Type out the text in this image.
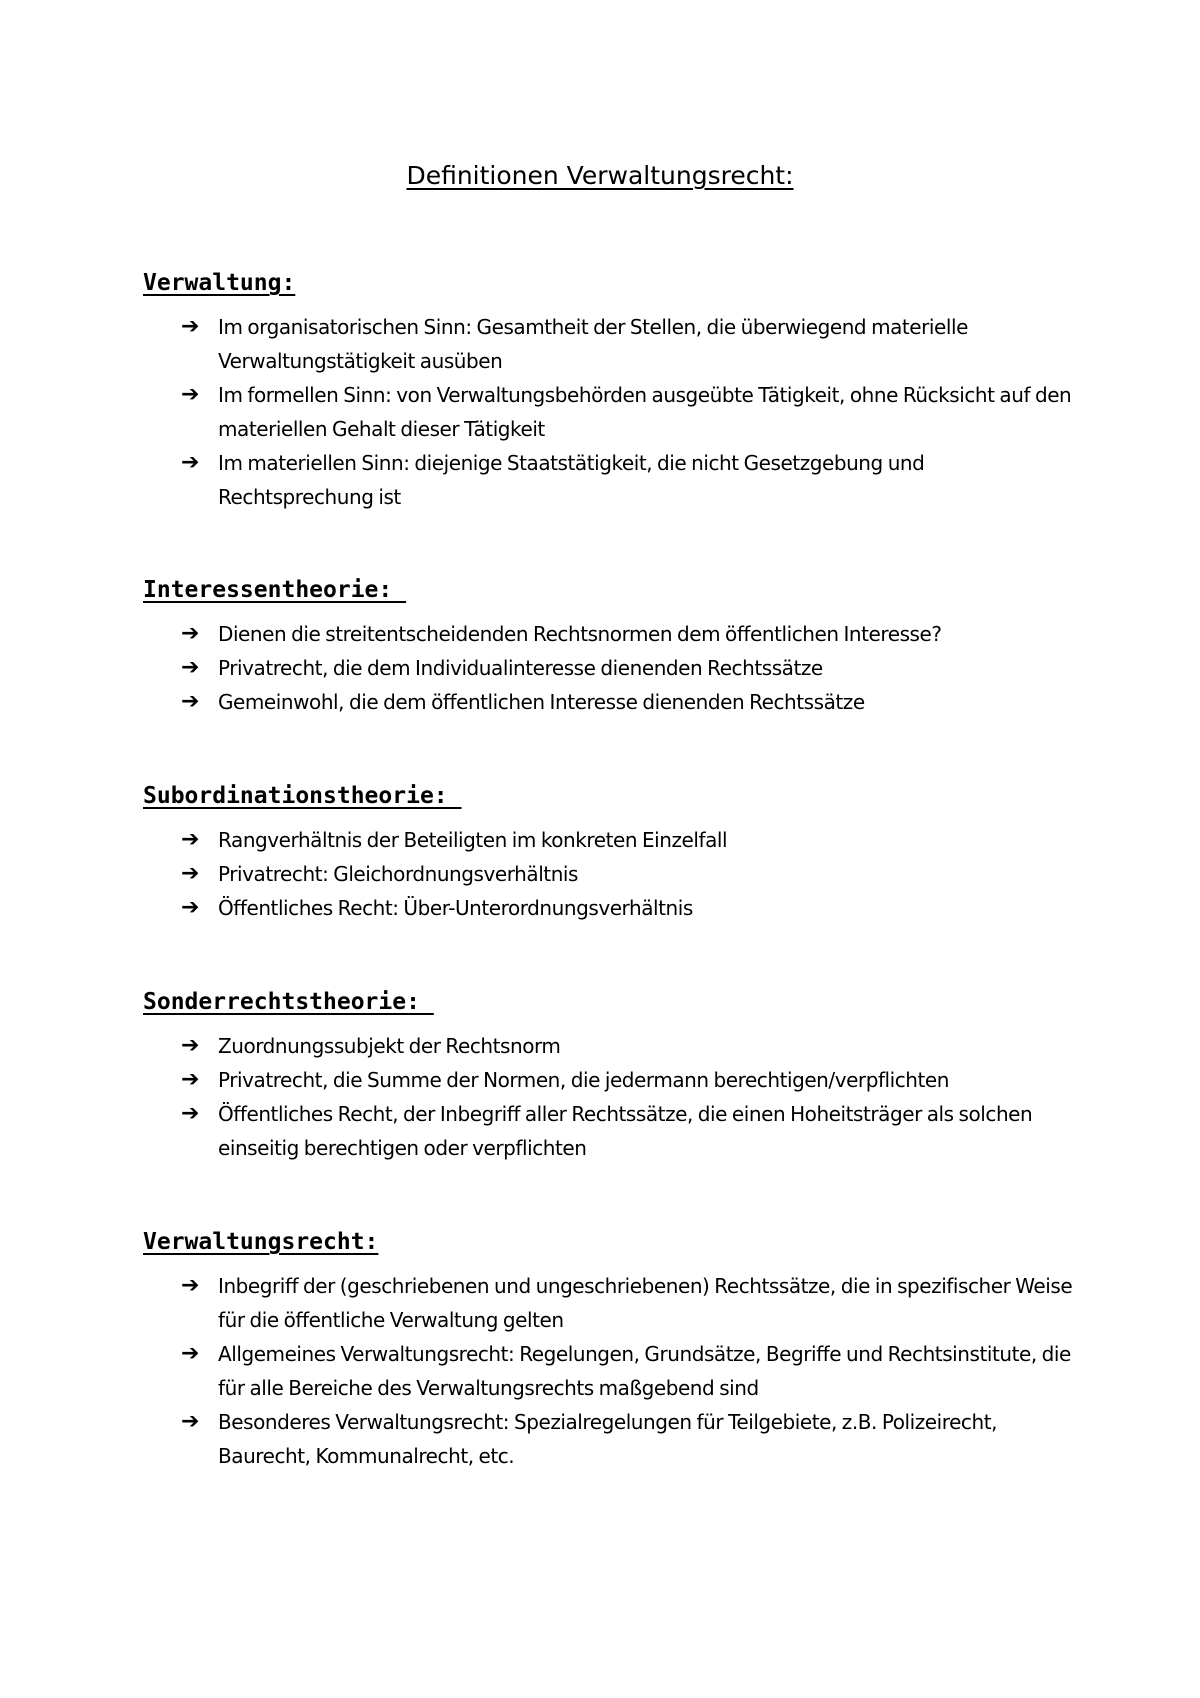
Definitionen Verwaltungsrecht:
Verwaltung:
➔ Im organisatorischen Sinn: Gesamtheit der Stellen, die überwiegend materielle Verwaltungstätigkeit ausüben
➔ Im formellen Sinn: von Verwaltungsbehörden ausgeübte Tätigkeit, ohne Rücksicht auf den materiellen Gehalt dieser Tätigkeit
➔ Im materiellen Sinn: diejenige Staatstätigkeit, die nicht Gesetzgebung und Rechtsprechung ist
Interessentheorie:
➔ Dienen die streitentscheidenden Rechtsnormen dem öffentlichen Interesse?
➔ Privatrecht, die dem Individualinteresse dienenden Rechtssätze
➔ Gemeinwohl, die dem öffentlichen Interesse dienenden Rechtssätze
Subordinationstheorie:
➔ Rangverhältnis der Beteiligten im konkreten Einzelfall
➔ Privatrecht: Gleichordnungsverhältnis
➔ Öffentliches Recht: Über-Unterordnungsverhältnis
Sonderrechtstheorie:
➔ Zuordnungssubjekt der Rechtsnorm
➔ Privatrecht, die Summe der Normen, die jedermann berechtigen/verpflichten
➔ Öffentliches Recht, der Inbegriff aller Rechtssätze, die einen Hoheitsträger als solchen einseitig berechtigen oder verpflichten
Verwaltungsrecht:
➔ Inbegriff der (geschriebenen und ungeschriebenen) Rechtssätze, die in spezifischer Weise für die öffentliche Verwaltung gelten
➔ Allgemeines Verwaltungsrecht: Regelungen, Grundsätze, Begriffe und Rechtsinstitute, die für alle Bereiche des Verwaltungsrechts maßgebend sind
➔ Besonderes Verwaltungsrecht: Spezialregelungen für Teilgebiete, z.B. Polizeirecht, Baurecht, Kommunalrecht, etc.
